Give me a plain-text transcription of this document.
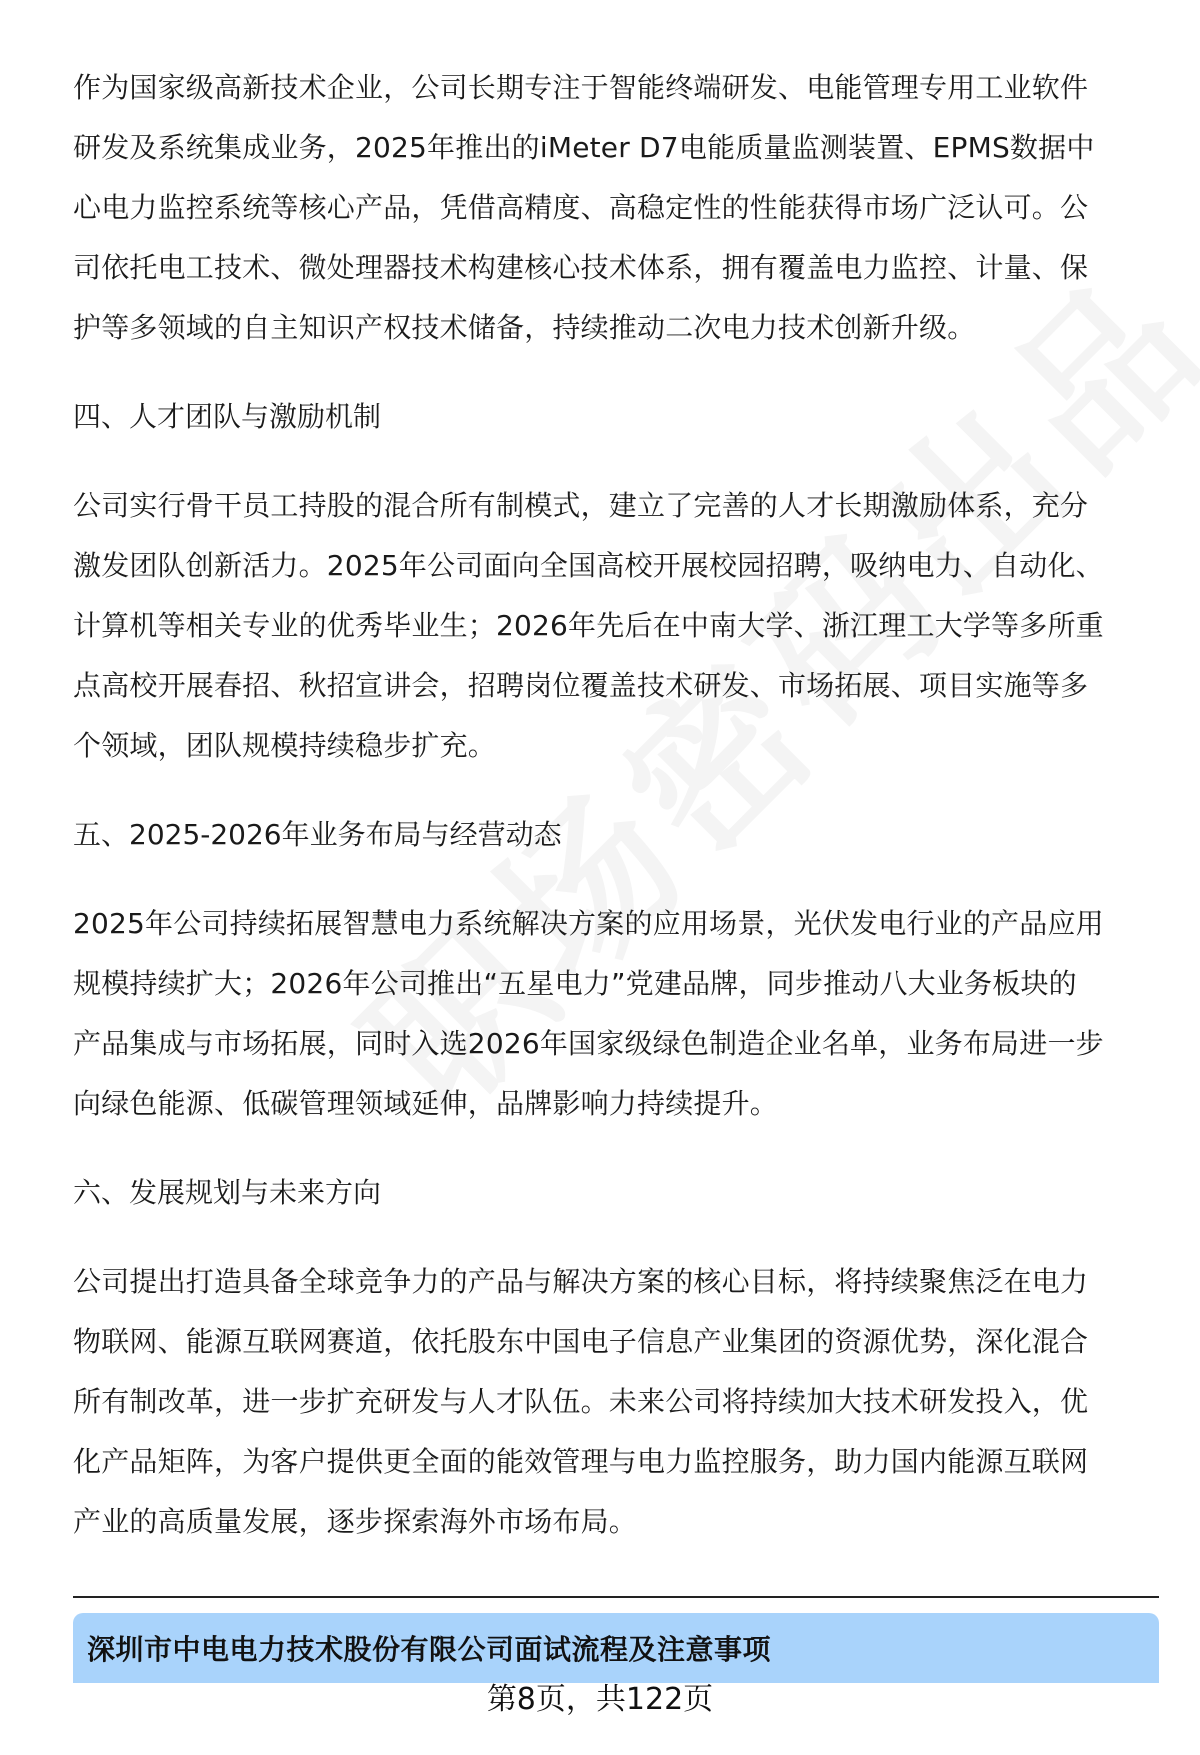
作为国家级高新技术企业，公司长期专注于智能终端研发、电能管理专用工业软件

研发及系统集成业务，2025年推出的iMeter D7电能质量监测装置、EPMS数据中

心电力监控系统等核心产品，凭借高精度、高稳定性的性能获得市场广泛认可。公

司依托电工技术、微处理器技术构建核心技术体系，拥有覆盖电力监控、计量、保

护等多领域的自主知识产权技术储备，持续推动二次电力技术创新升级。

四、人才团队与激励机制

公司实行骨干员工持股的混合所有制模式，建立了完善的人才长期激励体系，充分

激发团队创新活力。2025年公司面向全国高校开展校园招聘，吸纳电力、自动化、

计算机等相关专业的优秀毕业生；2026年先后在中南大学、浙江理工大学等多所重

点高校开展春招、秋招宣讲会，招聘岗位覆盖技术研发、市场拓展、项目实施等多

个领域，团队规模持续稳步扩充。

五、2025-2026年业务布局与经营动态

2025年公司持续拓展智慧电力系统解决方案的应用场景，光伏发电行业的产品应用

规模持续扩大；2026年公司推出“五星电力”党建品牌，同步推动八大业务板块的

产品集成与市场拓展，同时入选2026年国家级绿色制造企业名单，业务布局进一步

向绿色能源、低碳管理领域延伸，品牌影响力持续提升。

六、发展规划与未来方向

公司提出打造具备全球竞争力的产品与解决方案的核心目标，将持续聚焦泛在电力

物联网、能源互联网赛道，依托股东中国电子信息产业集团的资源优势，深化混合

所有制改革，进一步扩充研发与人才队伍。未来公司将持续加大技术研发投入，优

化产品矩阵，为客户提供更全面的能效管理与电力监控服务，助力国内能源互联网

产业的高质量发展，逐步探索海外市场布局。

深圳市中电电力技术股份有限公司面试流程及注意事项
第8页，共122页
